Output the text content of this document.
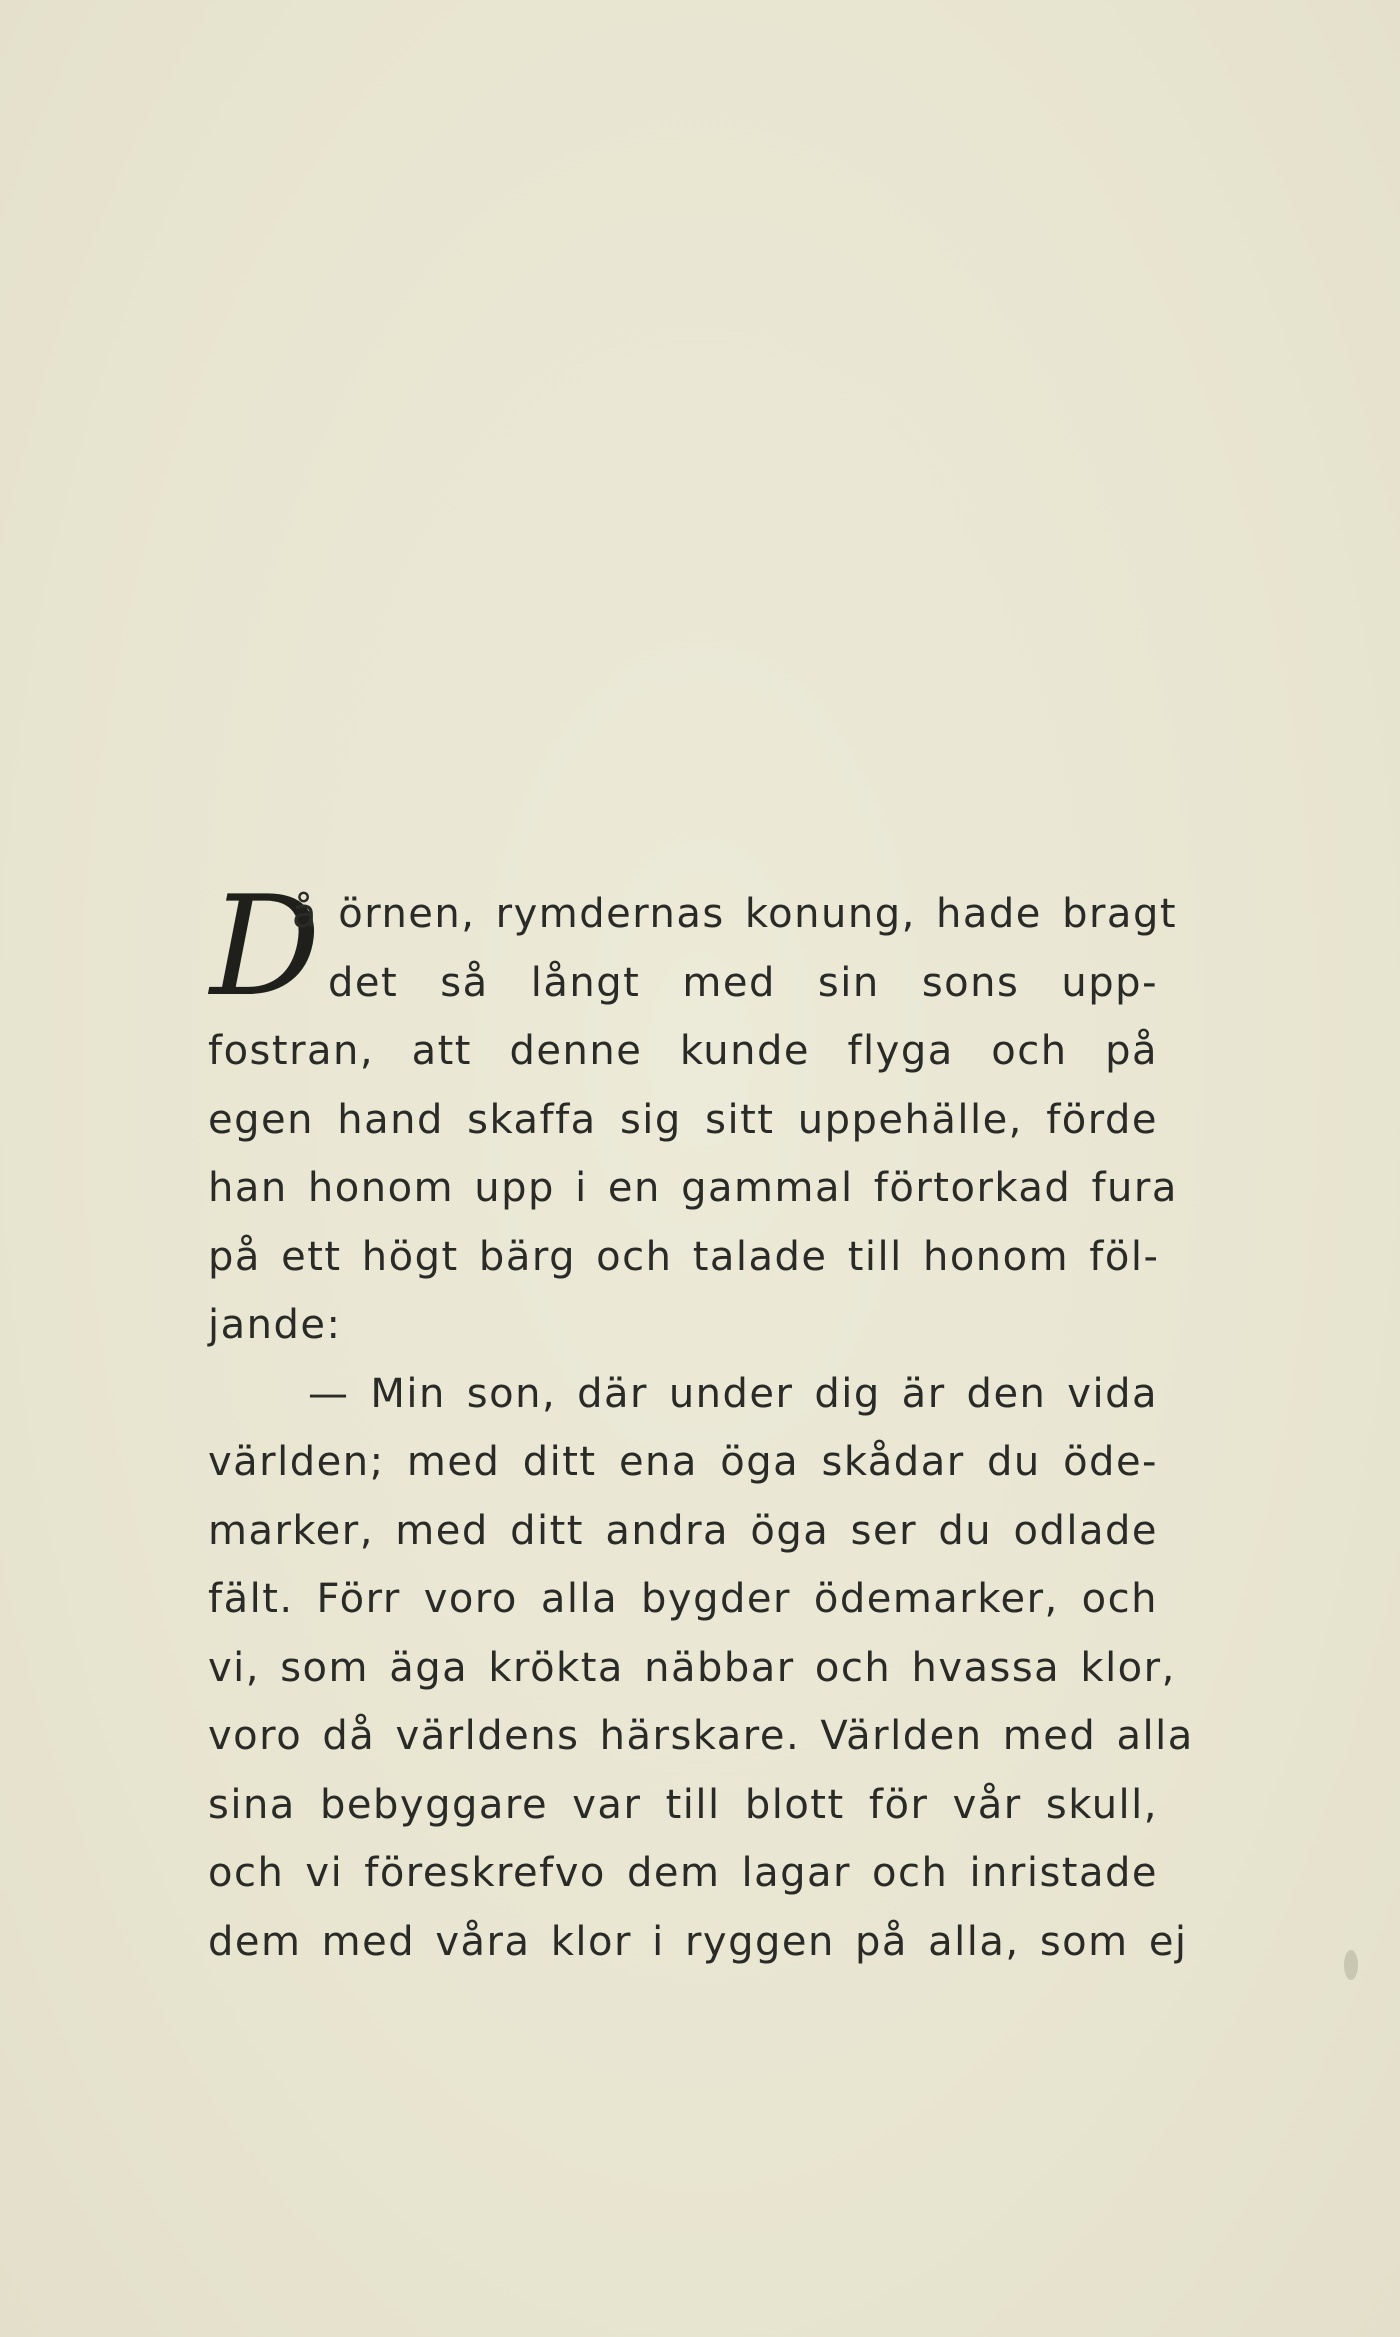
D
å örnen, rymdernas konung, hade bragt
det så långt med sin sons upp-
fostran, att denne kunde flyga och på
egen hand skaffa sig sitt uppehälle, förde
han honom upp i en gammal förtorkad fura
på ett högt bärg och talade till honom föl-
jande:
— Min son, där under dig är den vida
världen; med ditt ena öga skådar du öde-
marker, med ditt andra öga ser du odlade
fält. Förr voro alla bygder ödemarker, och
vi, som äga krökta näbbar och hvassa klor,
voro då världens härskare. Världen med alla
sina bebyggare var till blott för vår skull,
och vi föreskrefvo dem lagar och inristade
dem med våra klor i ryggen på alla, som ej
